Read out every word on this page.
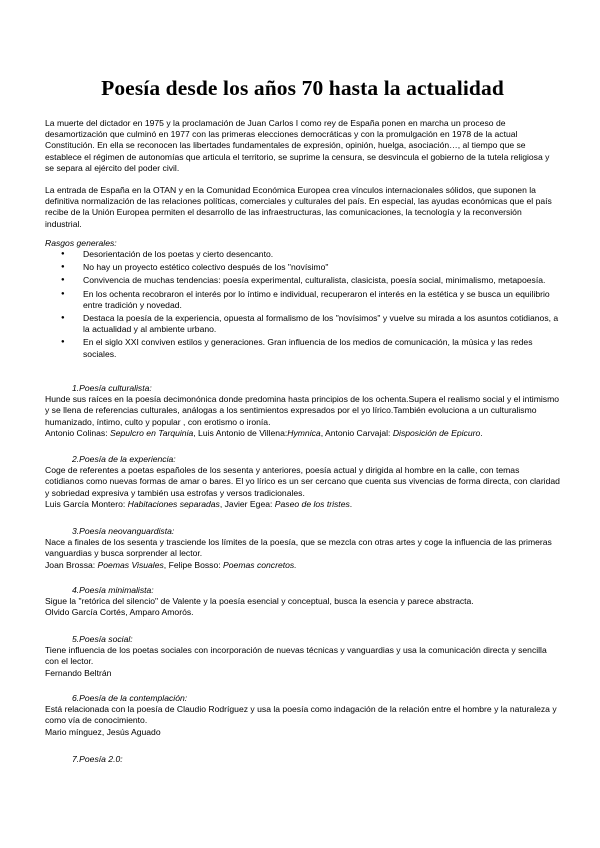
Poesía desde los años 70 hasta la actualidad

La muerte del dictador en 1975 y la proclamación de Juan Carlos I como rey de España ponen en marcha un proceso de desamortización que culminó en 1977 con las primeras elecciones democráticas y con la promulgación en 1978 de la actual Constitución. En ella se reconocen las libertades fundamentales de expresión, opinión, huelga, asociación…, al tiempo que se establece el régimen de autonomías que articula el territorio, se suprime la censura, se desvincula el gobierno de la tutela religiosa y se separa al ejército del poder civil.

La entrada de España en la OTAN y en la Comunidad Económica Europea crea vínculos internacionales sólidos, que suponen la definitiva normalización de las relaciones políticas, comerciales y culturales del país. En especial, las ayudas económicas que el país recibe de la Unión Europea permiten el desarrollo de las infraestructuras, las comunicaciones, la tecnología y la reconversión industrial.

Rasgos generales:
● Desorientación de los poetas y cierto desencanto.
● No hay un proyecto estético colectivo después de los "novísimo"
● Convivencia de muchas tendencias: poesía experimental, culturalista, clasicista, poesía social, minimalismo, metapoesía.
● En los ochenta recobraron el interés por lo íntimo e individual, recuperaron el interés en la estética y se busca un equilibrio entre tradición y novedad.
● Destaca la poesía de la experiencia, opuesta al formalismo de los "novísimos" y vuelve su mirada a los asuntos cotidianos, a la actualidad y al ambiente urbano.
● En el siglo XXI conviven estilos y generaciones. Gran influencia de los medios de comunicación, la música y las redes sociales.
1.Poesía culturalista:
Hunde sus raíces en la poesía decimonónica donde predomina hasta principios de los ochenta.Supera el realismo social y el intimismo y se llena de referencias culturales, análogas a los sentimientos expresados por el yo lírico.También evoluciona a un culturalismo humanizado, íntimo, culto y popular , con erotismo o ironía.
Antonio Colinas: Sepulcro en Tarquinia, Luis Antonio de Villena:Hymnica, Antonio Carvajal: Disposición de Epicuro.
2.Poesía de la experiencia:
Coge de referentes a poetas españoles de los sesenta y anteriores, poesía actual y dirigida al hombre en la calle, con temas cotidianos como nuevas formas de amar o bares. El yo lírico es un ser cercano que cuenta sus vivencias de forma directa, con claridad y sobriedad expresiva y también usa estrofas y versos tradicionales.
Luis García Montero: Habitaciones separadas, Javier Egea: Paseo de los tristes.
3.Poesía neovanguardista:
Nace a finales de los sesenta y trasciende los límites de la poesía, que se mezcla con otras artes y coge la influencia de las primeras vanguardias y busca sorprender al lector.
Joan Brossa: Poemas Visuales, Felipe Bosso: Poemas concretos.
4.Poesía minimalista:
Sigue la "retórica del silencio" de Valente y la poesía esencial y conceptual, busca la esencia y parece abstracta.
Olvido García Cortés, Amparo Amorós.
5.Poesía social:
Tiene influencia de los poetas sociales con incorporación de nuevas técnicas y vanguardias y usa la comunicación directa y sencilla con el lector.
Fernando Beltrán
6.Poesía de la contemplación:
Está relacionada con la poesía de Claudio Rodríguez y usa la poesía como indagación de la relación entre el hombre y la naturaleza y como vía de conocimiento.
Mario mínguez, Jesús Aguado
7.Poesía 2.0:
